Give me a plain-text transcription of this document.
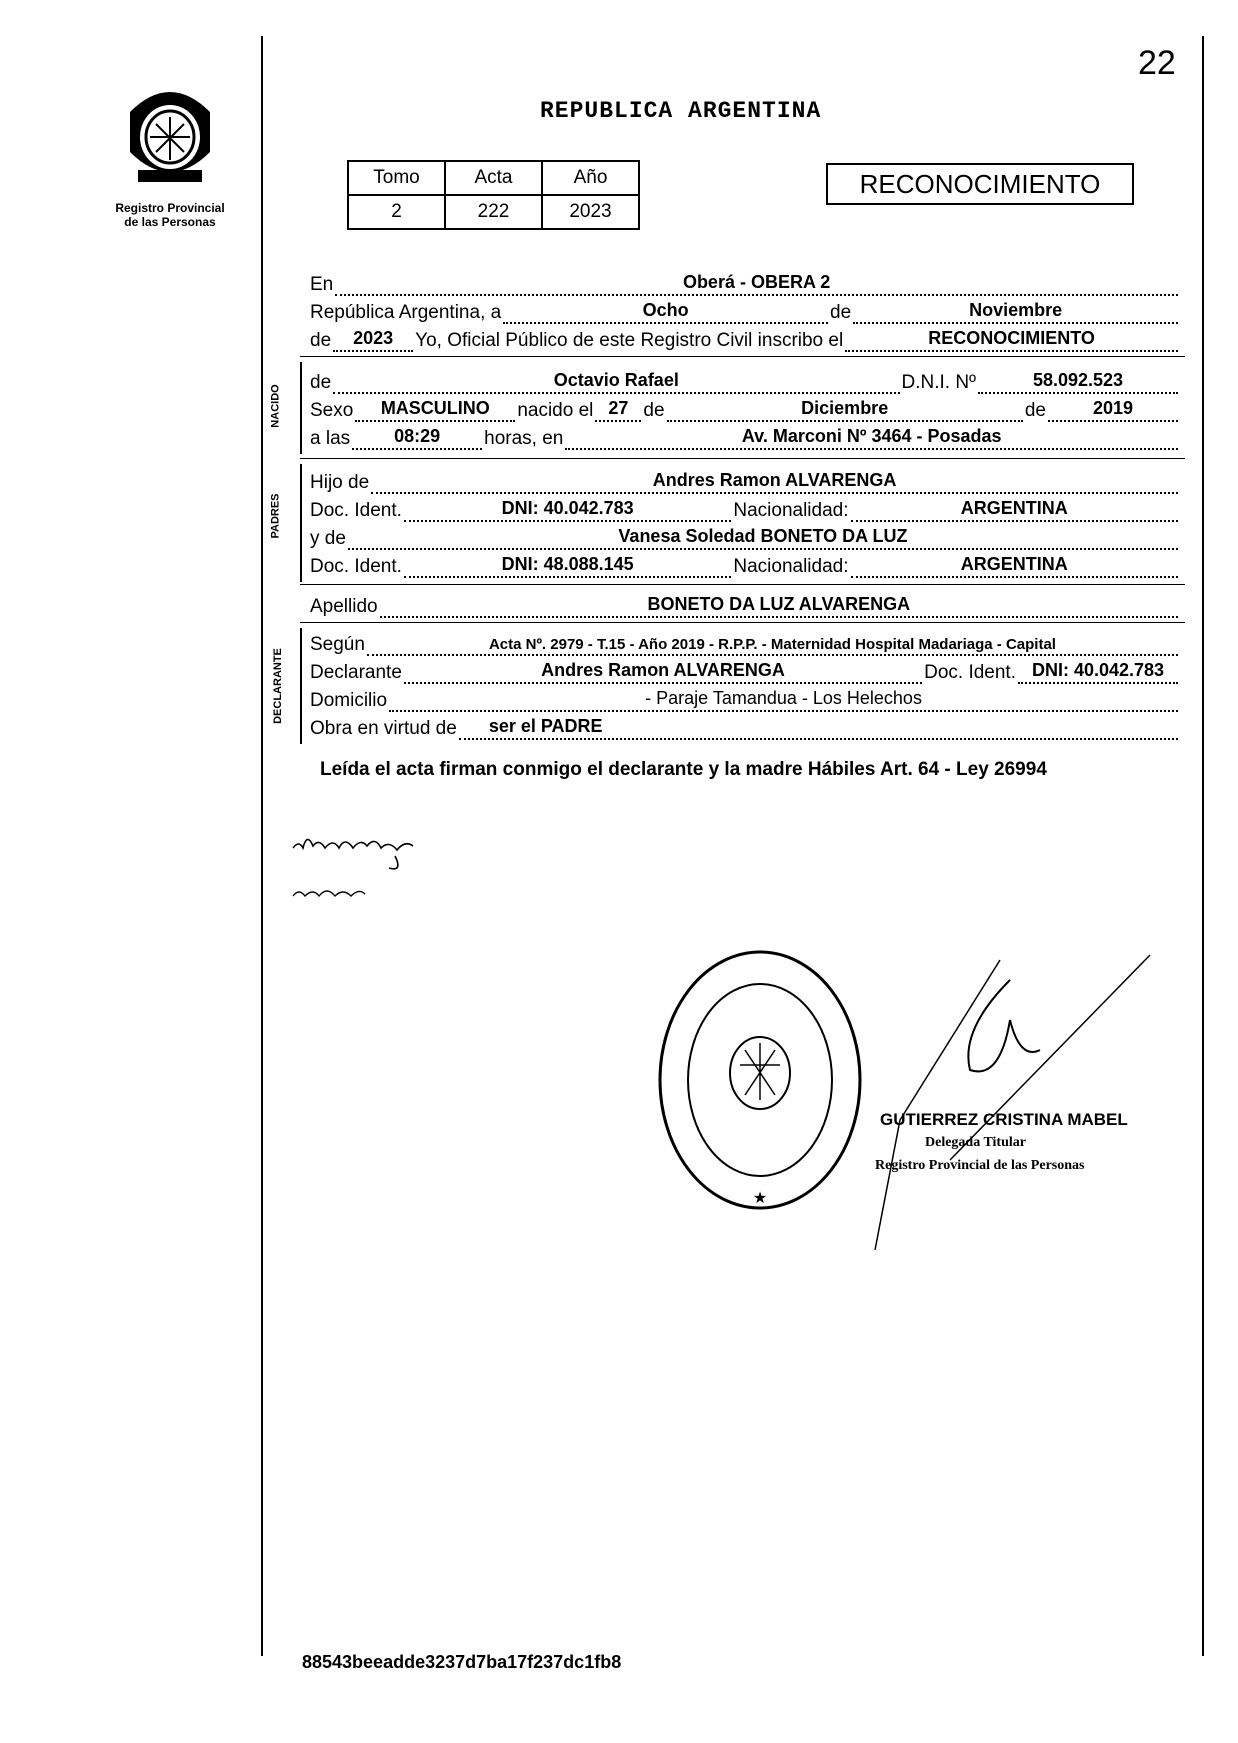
22
Registro Provincial
de las Personas
REPUBLICA ARGENTINA
Tomo	Acta	Año
2	222	2023
RECONOCIMIENTO
En	Oberá - OBERA 2
República Argentina, a	Ocho	de	Noviembre
de 2023 Yo, Oficial Público de este Registro Civil inscribo el	RECONOCIMIENTO
NACIDO
de	Octavio Rafael	D.N.I. Nº	58.092.523
Sexo MASCULINO nacido el 27 de	Diciembre	de	2019
a las 08:29 horas, en	Av. Marconi Nº 3464 - Posadas
PADRES
Hijo de	Andres Ramon ALVARENGA
Doc. Ident.	DNI: 40.042.783	Nacionalidad:	ARGENTINA
y de	Vanesa Soledad BONETO DA LUZ
Doc. Ident.	DNI: 48.088.145	Nacionalidad:	ARGENTINA
Apellido	BONETO DA LUZ ALVARENGA
DECLARANTE
Según	Acta Nº. 2979 - T.15 - Año 2019 - R.P.P. - Maternidad Hospital Madariaga - Capital
Declarante	Andres Ramon ALVARENGA	Doc. Ident. DNI: 40.042.783
Domicilio	- Paraje Tamandua - Los Helechos
Obra en virtud de ser el PADRE
Leída el acta firman conmigo el declarante y la madre Hábiles Art. 64 - Ley 26994
★
GUTIERREZ CRISTINA MABEL
Delegada Titular
Registro Provincial de las Personas
88543beeadde3237d7ba17f237dc1fb8
